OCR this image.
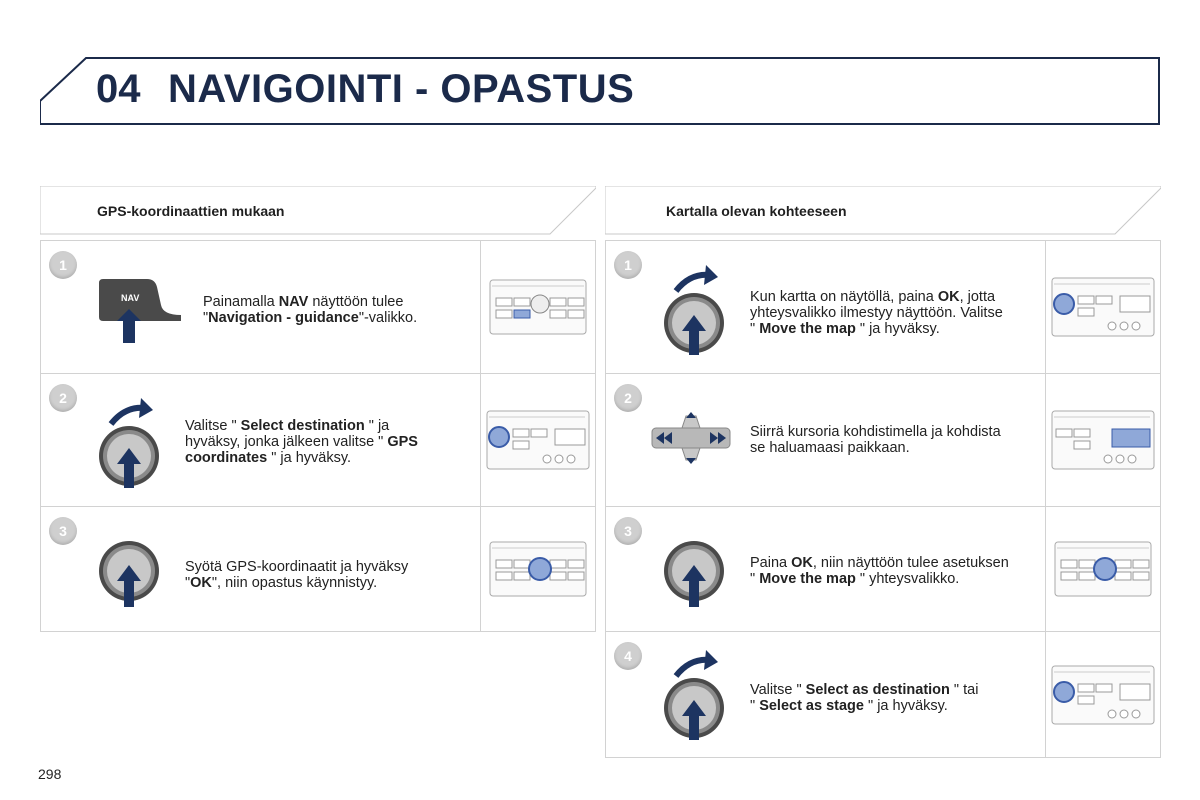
04 NAVIGOINTI - OPASTUS
GPS-koordinaattien mukaan
1
NAV	Painamalla NAV näyttöön tulee
"Navigation - guidance"-valikko.
2
Valitse " Select destination " ja
hyväksy, jonka jälkeen valitse " GPS
coordinates " ja hyväksy.
3
Syötä GPS-koordinaatit ja hyväksy
"OK", niin opastus käynnistyy.
Kartalla olevan kohteeseen
1
Kun kartta on näytöllä, paina OK, jotta
yhteysvalikko ilmestyy näyttöön. Valitse
" Move the map " ja hyväksy.
2
Siirrä kursoria kohdistimella ja kohdista
se haluamaasi paikkaan.
3
Paina OK, niin näyttöön tulee asetuksen
" Move the map " yhteysvalikko.
4
Valitse " Select as destination " tai
" Select as stage " ja hyväksy.
298
